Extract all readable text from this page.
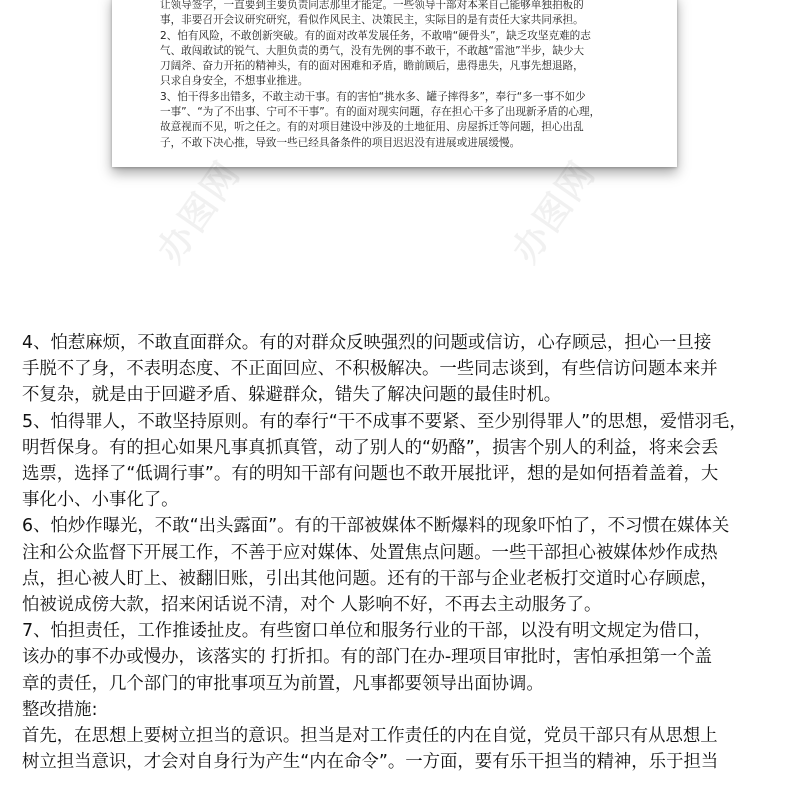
让领导签字，一直要到主要负责同志那里才能定。一些领导干部对本来自己能够单独拍板的

事，非要召开会议研究研究，看似作风民主、决策民主，实际目的是有责任大家共同承担。

2、怕有风险，不敢创新突破。有的面对改革发展任务，不敢啃“硬骨头”，缺乏攻坚克难的志

气、敢闯敢试的锐气、大胆负责的勇气，没有先例的事不敢干，不敢越“雷池”半步，缺少大

刀阔斧、奋力开拓的精神头，有的面对困难和矛盾，瞻前顾后，患得患失，凡事先想退路，

只求自身安全，不想事业推进。

3、怕干得多出错多，不敢主动干事。有的害怕“挑水多、罐子摔得多”，奉行“多一事不如少

一事”、“为了不出事、宁可不干事”。有的面对现实问题，存在担心干多了出现新矛盾的心理，

故意视而不见，听之任之。有的对项目建设中涉及的土地征用、房屋拆迁等问题，担心出乱

子，不敢下决心推，导致一些已经具备条件的项目迟迟没有进展或进展缓慢。

办图网	办图网

4、怕惹麻烦，不敢直面群众。有的对群众反映强烈的问题或信访，心存顾忌，担心一旦接

手脱不了身，不表明态度、不正面回应、不积极解决。一些同志谈到，有些信访问题本来并

不复杂，就是由于回避矛盾、躲避群众，错失了解决问题的最佳时机。

5、怕得罪人，不敢坚持原则。有的奉行“干不成事不要紧、至少别得罪人”的思想，爱惜羽毛，

明哲保身。有的担心如果凡事真抓真管，动了别人的“奶酪”，损害个别人的利益，将来会丢

选票，选择了“低调行事”。有的明知干部有问题也不敢开展批评，想的是如何捂着盖着，大

事化小、小事化了。

6、怕炒作曝光，不敢“出头露面”。有的干部被媒体不断爆料的现象吓怕了，不习惯在媒体关

注和公众监督下开展工作，不善于应对媒体、处置焦点问题。一些干部担心被媒体炒作成热

点，担心被人盯上、被翻旧账，引出其他问题。还有的干部与企业老板打交道时心存顾虑，

怕被说成傍大款，招来闲话说不清，对个 人影响不好，不再去主动服务了。

7、怕担责任，工作推诿扯皮。有些窗口单位和服务行业的干部，以没有明文规定为借口，

该办的事不办或慢办，该落实的 打折扣。有的部门在办-理项目审批时，害怕承担第一个盖

章的责任，几个部门的审批事项互为前置，凡事都要领导出面协调。

整改措施:

首先，在思想上要树立担当的意识。担当是对工作责任的内在自觉，党员干部只有从思想上

树立担当意识，才会对自身行为产生“内在命令”。一方面，要有乐干担当的精神，乐于担当
